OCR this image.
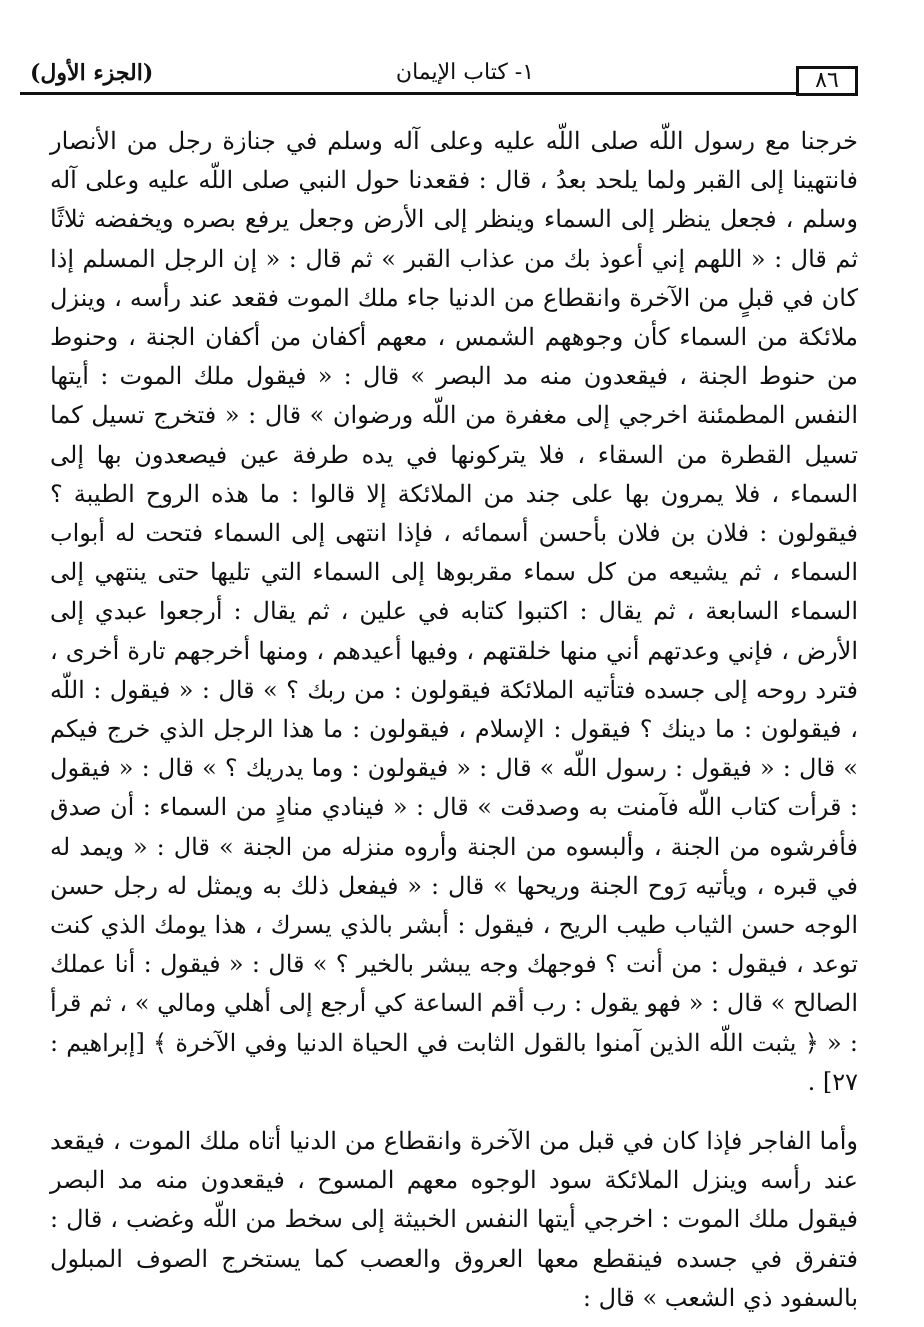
٨٦
١- كتاب الإيمان
(الجزء الأول)

خرجنا مع رسول اللّه صلى اللّه عليه وعلى آله وسلم في جنازة رجل من الأنصار فانتهينا إلى القبر ولما يلحد بعدُ ، قال : فقعدنا حول النبي صلى اللّه عليه وعلى آله وسلم ، فجعل ينظر إلى السماء وينظر إلى الأرض وجعل يرفع بصره ويخفضه ثلاثًا ثم قال : « اللهم إني أعوذ بك من عذاب القبر » ثم قال : « إن الرجل المسلم إذا كان في قبلٍ من الآخرة وانقطاع من الدنيا جاء ملك الموت فقعد عند رأسه ، وينزل ملائكة من السماء كأن وجوههم الشمس ، معهم أكفان من أكفان الجنة ، وحنوط من حنوط الجنة ، فيقعدون منه مد البصر » قال : « فيقول ملك الموت : أيتها النفس المطمئنة اخرجي إلى مغفرة من اللّه ورضوان » قال : « فتخرج تسيل كما تسيل القطرة من السقاء ، فلا يتركونها في يده طرفة عين فيصعدون بها إلى السماء ، فلا يمرون بها على جند من الملائكة إلا قالوا : ما هذه الروح الطيبة ؟ فيقولون : فلان بن فلان بأحسن أسمائه ، فإذا انتهى إلى السماء فتحت له أبواب السماء ، ثم يشيعه من كل سماء مقربوها إلى السماء التي تليها حتى ينتهي إلى السماء السابعة ، ثم يقال : اكتبوا كتابه في علين ، ثم يقال : أرجعوا عبدي إلى الأرض ، فإني وعدتهم أني منها خلقتهم ، وفيها أعيدهم ، ومنها أخرجهم تارة أخرى ، فترد روحه إلى جسده فتأتيه الملائكة فيقولون : من ربك ؟ » قال : « فيقول : اللّه ، فيقولون : ما دينك ؟ فيقول : الإسلام ، فيقولون : ما هذا الرجل الذي خرج فيكم » قال : « فيقول : رسول اللّه » قال : « فيقولون : وما يدريك ؟ » قال : « فيقول : قرأت كتاب اللّه فآمنت به وصدقت » قال : « فينادي منادٍ من السماء : أن صدق فأفرشوه من الجنة ، وألبسوه من الجنة وأروه منزله من الجنة » قال : « ويمد له في قبره ، ويأتيه رَوح الجنة وريحها » قال : « فيفعل ذلك به ويمثل له رجل حسن الوجه حسن الثياب طيب الريح ، فيقول : أبشر بالذي يسرك ، هذا يومك الذي كنت توعد ، فيقول : من أنت ؟ فوجهك وجه يبشر بالخير ؟ » قال : « فيقول : أنا عملك الصالح » قال : « فهو يقول : رب أقم الساعة كي أرجع إلى أهلي ومالي » ، ثم قرأ : « ﴿ يثبت اللّه الذين آمنوا بالقول الثابت في الحياة الدنيا وفي الآخرة ﴾ [إبراهيم : ٢٧] .

وأما الفاجر فإذا كان في قبل من الآخرة وانقطاع من الدنيا أتاه ملك الموت ، فيقعد عند رأسه وينزل الملائكة سود الوجوه معهم المسوح ، فيقعدون منه مد البصر فيقول ملك الموت : اخرجي أيتها النفس الخبيثة إلى سخط من اللّه وغضب ، قال : فتفرق في جسده فينقطع معها العروق والعصب كما يستخرج الصوف المبلول بالسفود ذي الشعب » قال :
